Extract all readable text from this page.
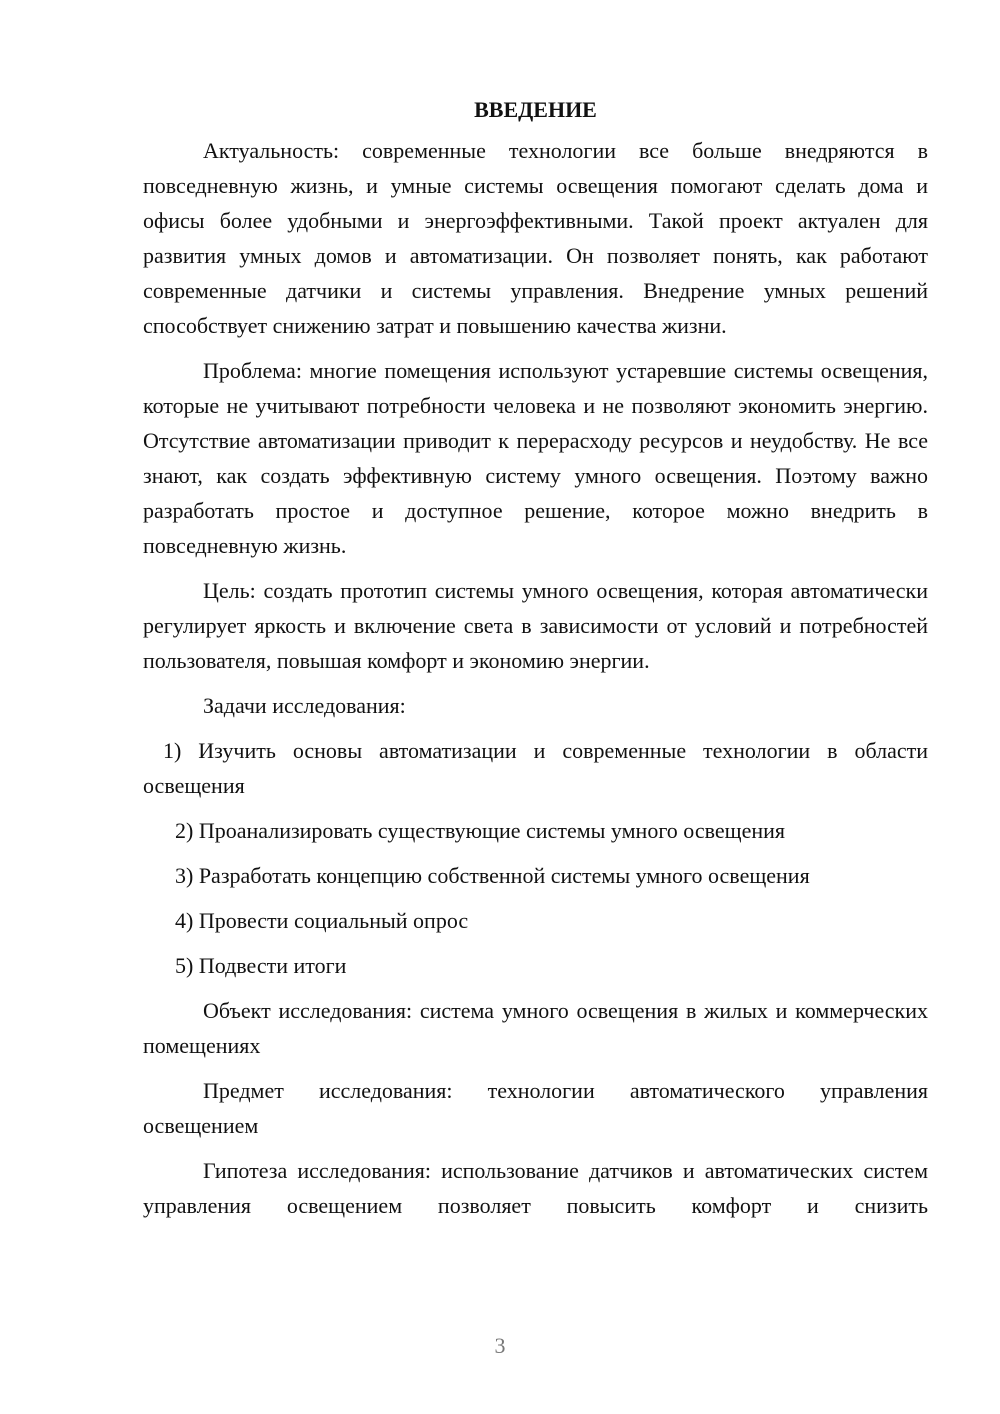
ВВЕДЕНИЕ

Актуальность: современные технологии все больше внедряются в повседневную жизнь, и умные системы освещения помогают сделать дома и офисы более удобными и энергоэффективными. Такой проект актуален для развития умных домов и автоматизации. Он позволяет понять, как работают современные датчики и системы управления. Внедрение умных решений способствует снижению затрат и повышению качества жизни.

Проблема: многие помещения используют устаревшие системы освещения, которые не учитывают потребности человека и не позволяют экономить энергию. Отсутствие автоматизации приводит к перерасходу ресурсов и неудобству. Не все знают, как создать эффективную систему умного освещения. Поэтому важно разработать простое и доступное решение, которое можно внедрить в повседневную жизнь.

Цель: создать прототип системы умного освещения, которая автоматически регулирует яркость и включение света в зависимости от условий и потребностей пользователя, повышая комфорт и экономию энергии.

Задачи исследования:

1) Изучить основы автоматизации и современные технологии в области освещения

2) Проанализировать существующие системы умного освещения

3) Разработать концепцию собственной системы умного освещения

4) Провести социальный опрос

5) Подвести итоги

Объект исследования: система умного освещения в жилых и коммерческих помещениях

Предмет исследования: технологии автоматического управления освещением

Гипотеза исследования: использование датчиков и автоматических систем управления освещением позволяет повысить комфорт и снизить

3
